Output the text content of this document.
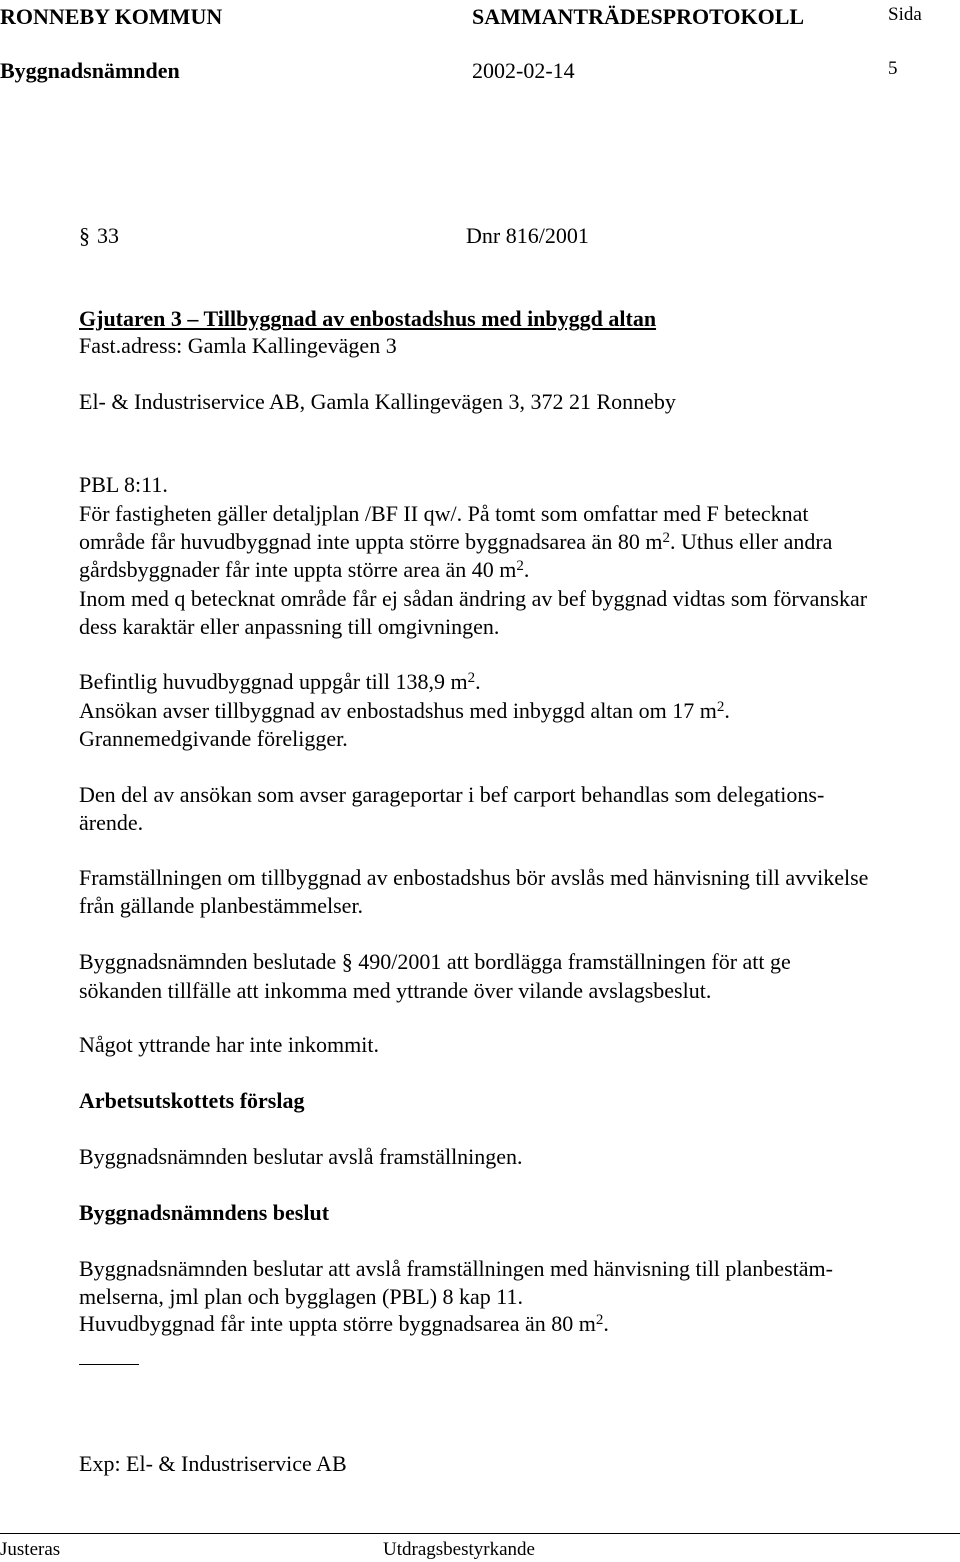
RONNEBY KOMMUN	SAMMANTRÄDESPROTOKOLL	Sida
Byggnadsnämnden	2002-02-14	5
§ 33	Dnr 816/2001
Gjutaren 3 – Tillbyggnad av enbostadshus med inbyggd altan
Fast.adress: Gamla Kallingevägen 3
El- & Industriservice AB, Gamla Kallingevägen 3, 372 21 Ronneby
PBL 8:11.
För fastigheten gäller detaljplan /BF II qw/. På tomt som omfattar med F betecknat
område får huvudbyggnad inte uppta större byggnadsarea än 80 $m^2$. Uthus eller andra
gårdsbyggnader får inte uppta större area än 40 $m^2$.
Inom med q betecknat område får ej sådan ändring av bef byggnad vidtas som förvanskar
dess karaktär eller anpassning till omgivningen.
Befintlig huvudbyggnad uppgår till 138,9 $m^2$.
Ansökan avser tillbyggnad av enbostadshus med inbyggd altan om 17 $m^2$.
Grannemedgivande föreligger.
Den del av ansökan som avser garageportar i bef carport behandlas som delegations-
ärende.
Framställningen om tillbyggnad av enbostadshus bör avslås med hänvisning till avvikelse
från gällande planbestämmelser.
Byggnadsnämnden beslutade § 490/2001 att bordlägga framställningen för att ge
sökanden tillfälle att inkomma med yttrande över vilande avslagsbeslut.
Något yttrande har inte inkommit.
Arbetsutskottets förslag
Byggnadsnämnden beslutar avslå framställningen.
Byggnadsnämndens beslut
Byggnadsnämnden beslutar att avslå framställningen med hänvisning till planbestäm-
melserna, jml plan och bygglagen (PBL) 8 kap 11.
Huvudbyggnad får inte uppta större byggnadsarea än 80 $m^2$.
Exp: El- & Industriservice AB
Justeras	Utdragsbestyrkande
